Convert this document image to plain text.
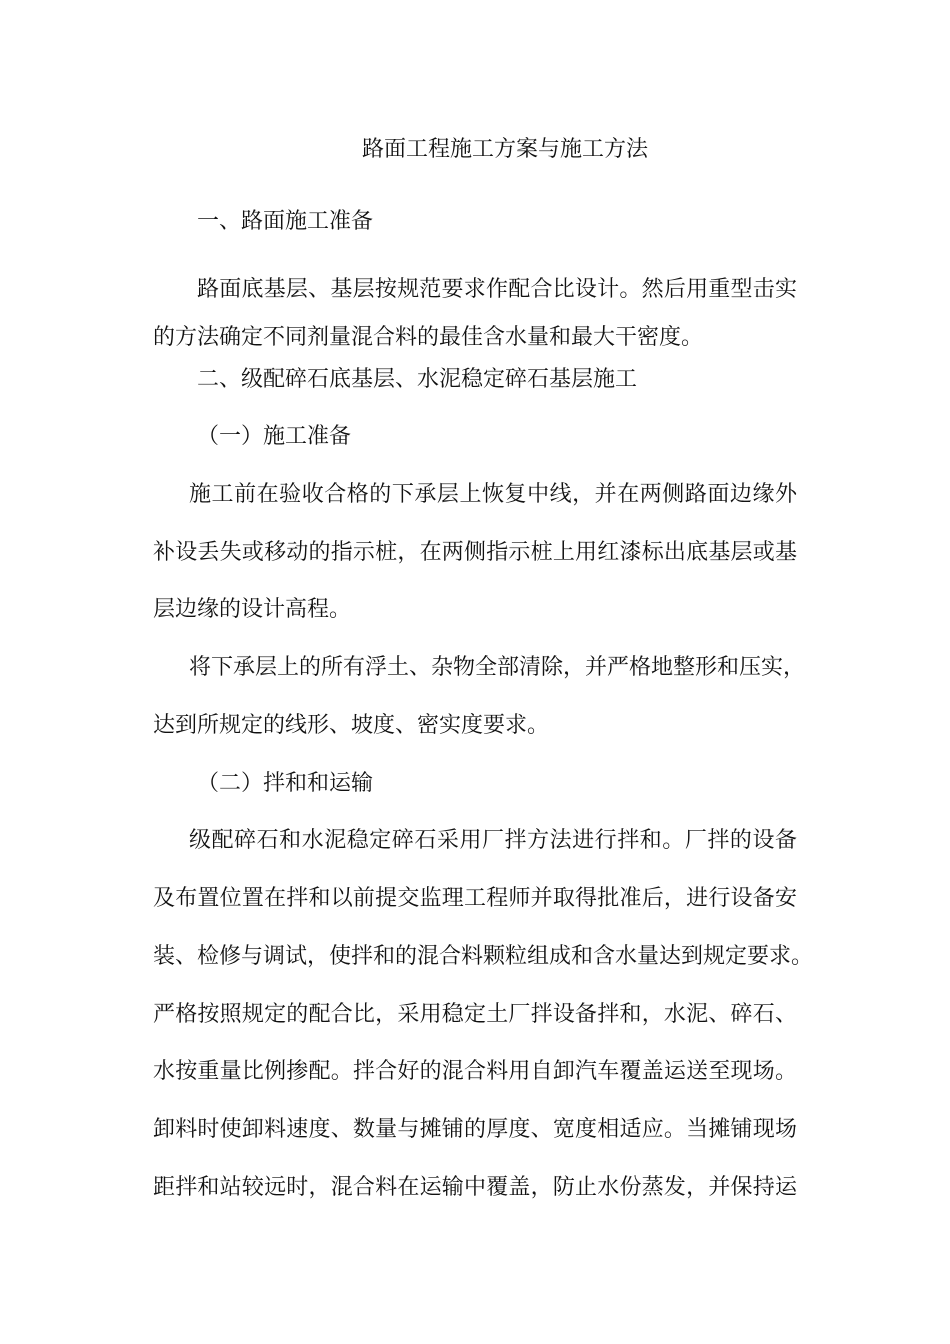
路面工程施工方案与施工方法
一、路面施工准备
路面底基层、基层按规范要求作配合比设计。然后用重型击实
的方法确定不同剂量混合料的最佳含水量和最大干密度。
二、级配碎石底基层、水泥稳定碎石基层施工
（一）施工准备
施工前在验收合格的下承层上恢复中线，并在两侧路面边缘外
补设丢失或移动的指示桩，在两侧指示桩上用红漆标出底基层或基
层边缘的设计高程。
将下承层上的所有浮土、杂物全部清除，并严格地整形和压实，
达到所规定的线形、坡度、密实度要求。
（二）拌和和运输
级配碎石和水泥稳定碎石采用厂拌方法进行拌和。厂拌的设备
及布置位置在拌和以前提交监理工程师并取得批准后，进行设备安
装、检修与调试，使拌和的混合料颗粒组成和含水量达到规定要求。
严格按照规定的配合比，采用稳定土厂拌设备拌和，水泥、碎石、
水按重量比例掺配。拌合好的混合料用自卸汽车覆盖运送至现场。
卸料时使卸料速度、数量与摊铺的厚度、宽度相适应。当摊铺现场
距拌和站较远时，混合料在运输中覆盖，防止水份蒸发，并保持运
